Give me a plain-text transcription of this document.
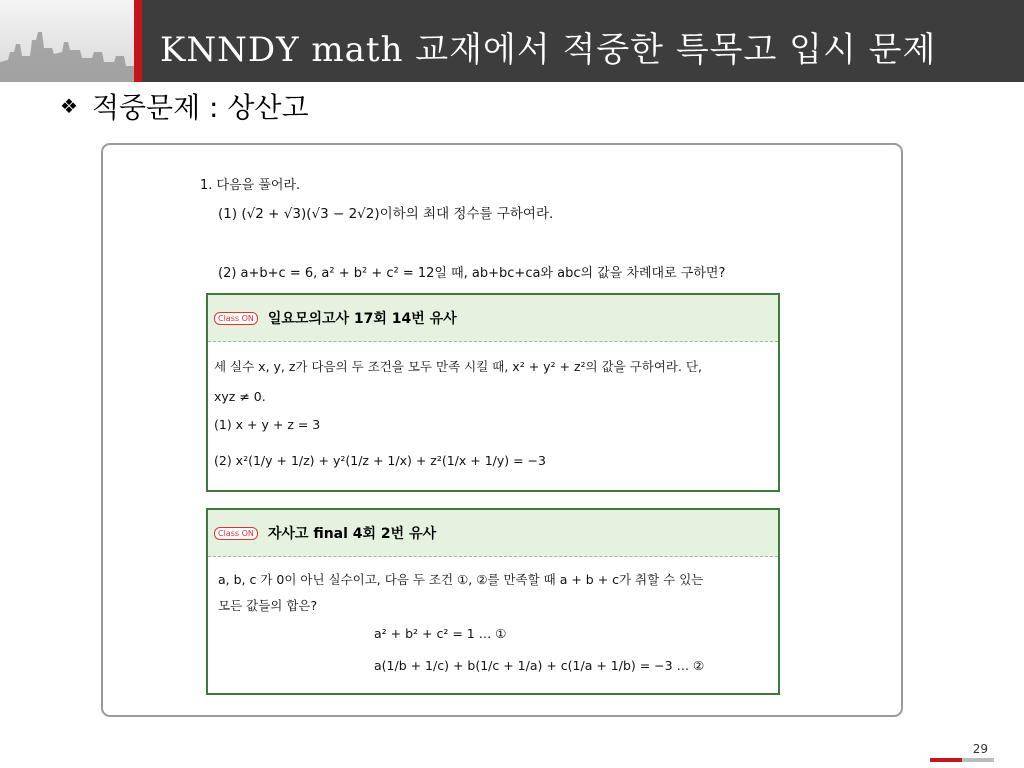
KNNDY math 교재에서 적중한 특목고 입시 문제
❖ 적중문제 : 상산고
1. 다음을 풀어라.
(1) (√2 + √3)(√3 − 2√2)이하의 최대 정수를 구하여라.
(2) a+b+c = 6, a² + b² + c² = 12일 때, ab+bc+ca와 abc의 값을 차례대로 구하면?
Class ON 일요모의고사 17회 14번 유사
세 실수 x, y, z가 다음의 두 조건을 모두 만족 시킬 때, x² + y² + z²의 값을 구하여라. 단,
xyz ≠ 0.
(1) x + y + z = 3
(2) x²(1/y + 1/z) + y²(1/z + 1/x) + z²(1/x + 1/y) = −3
Class ON 자사고 final 4회 2번 유사
a, b, c 가 0이 아닌 실수이고, 다음 두 조건 ①, ②를 만족할 때 a + b + c가 취할 수 있는
모든 값들의 합은?
a² + b² + c² = 1 … ①
a(1/b + 1/c) + b(1/c + 1/a) + c(1/a + 1/b) = −3 … ②
29
